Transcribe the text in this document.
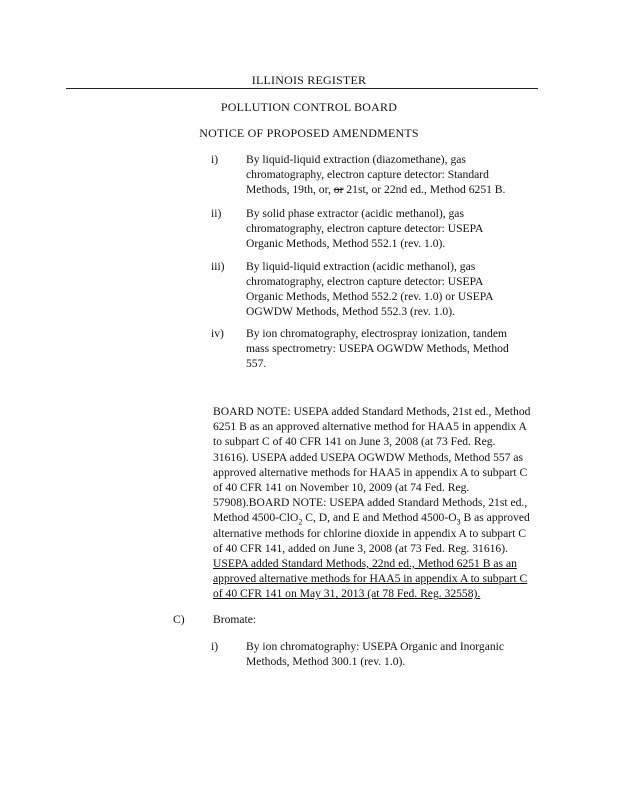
ILLINOIS REGISTER
POLLUTION CONTROL BOARD
NOTICE OF PROPOSED AMENDMENTS
i) By liquid-liquid extraction (diazomethane), gas chromatography, electron capture detector: Standard Methods, 19th, or, or 21st, or 22nd ed., Method 6251 B.
ii) By solid phase extractor (acidic methanol), gas chromatography, electron capture detector: USEPA Organic Methods, Method 552.1 (rev. 1.0).
iii) By liquid-liquid extraction (acidic methanol), gas chromatography, electron capture detector: USEPA Organic Methods, Method 552.2 (rev. 1.0) or USEPA OGWDW Methods, Method 552.3 (rev. 1.0).
iv) By ion chromatography, electrospray ionization, tandem mass spectrometry: USEPA OGWDW Methods, Method 557.
BOARD NOTE: USEPA added Standard Methods, 21st ed., Method 6251 B as an approved alternative method for HAA5 in appendix A to subpart C of 40 CFR 141 on June 3, 2008 (at 73 Fed. Reg. 31616). USEPA added USEPA OGWDW Methods, Method 557 as approved alternative methods for HAA5 in appendix A to subpart C of 40 CFR 141 on November 10, 2009 (at 74 Fed. Reg. 57908).BOARD NOTE: USEPA added Standard Methods, 21st ed., Method 4500-ClO$_2$ C, D, and E and Method $4500-O_3$ B as approved alternative methods for chlorine dioxide in appendix A to subpart C of 40 CFR 141, added on June 3, 2008 (at 73 Fed. Reg. 31616). USEPA added Standard Methods, 22nd ed., Method 6251 B as an approved alternative methods for HAA5 in appendix A to subpart C of 40 CFR 141 on May 31, 2013 (at 78 Fed. Reg. 32558).
C) Bromate:
i) By ion chromatography: USEPA Organic and Inorganic Methods, Method 300.1 (rev. 1.0).
